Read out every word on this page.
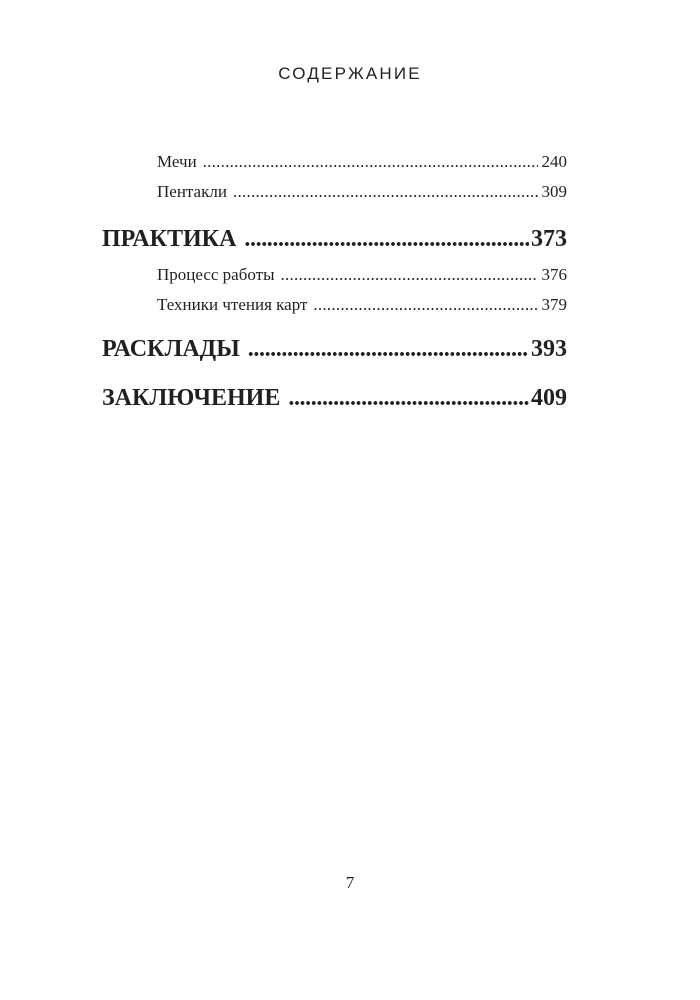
СОДЕРЖАНИЕ
Мечи . . .	240
Пентакли . . .	309
ПРАКТИКА . . .	373
Процесс работы . . .	376
Техники чтения карт . . .	379
РАСКЛАДЫ . . .	393
ЗАКЛЮЧЕНИЕ . . .	409
7
